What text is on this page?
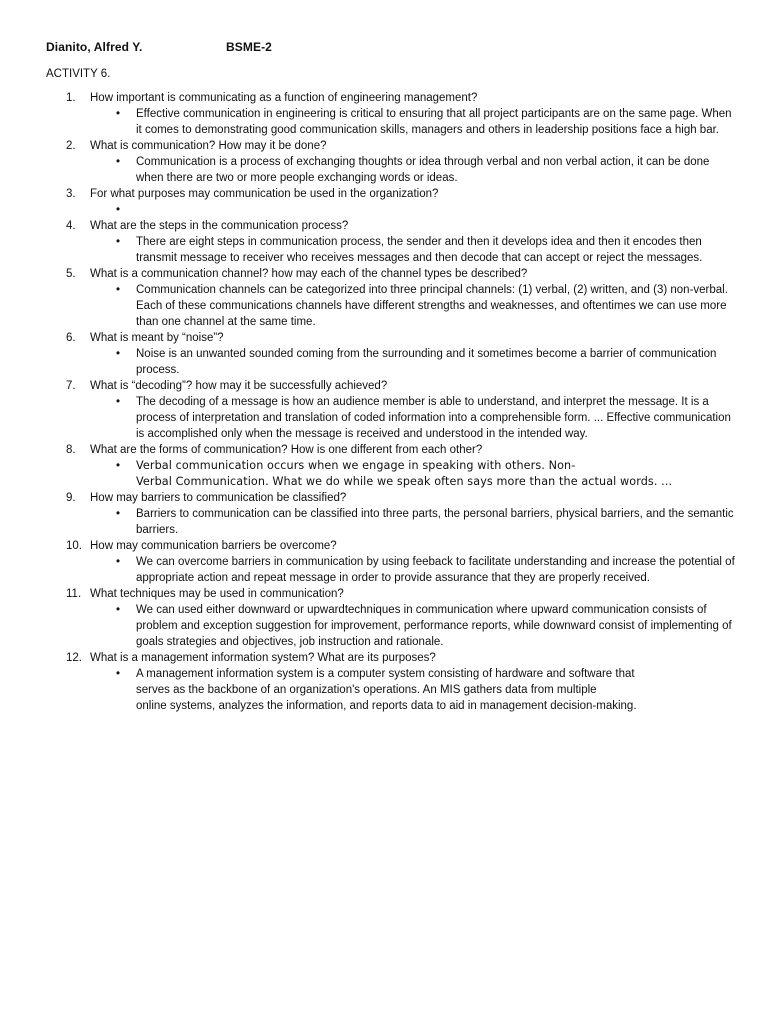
Dianito, Alfred Y.	BSME-2
ACTIVITY 6.
1.	How important is communicating as a function of engineering management?
•	Effective communication in engineering is critical to ensuring that all project participants are on the same page. When it comes to demonstrating good communication skills, managers and others in leadership positions face a high bar.
2.	What is communication? How may it be done?
•	Communication is a process of exchanging thoughts or idea through verbal and non verbal action, it can be done when there are two or more people exchanging words or ideas.
3.	For what purposes may communication be used in the organization?
•
4.	What are the steps in the communication process?
•	There are eight steps in communication process, the sender and then it develops idea and then it encodes then transmit message to receiver who receives messages and then decode that can accept or reject the messages.
5.	What is a communication channel? how may each of the channel types be described?
•	Communication channels can be categorized into three principal channels: (1) verbal, (2) written, and (3) non-verbal. Each of these communications channels have different strengths and weaknesses, and oftentimes we can use more than one channel at the same time.
6.	What is meant by “noise”?
•	Noise is an unwanted sounded coming from the surrounding and it sometimes become a barrier of communication process.
7.	What is “decoding”? how may it be successfully achieved?
•	The decoding of a message is how an audience member is able to understand, and interpret the message. It is a process of interpretation and translation of coded information into a comprehensible form. ... Effective communication is accomplished only when the message is received and understood in the intended way.
8.	What are the forms of communication? How is one different from each other?
•	Verbal communication occurs when we engage in speaking with others. Non-
Verbal Communication. What we do while we speak often says more than the actual words. ...
9.	How may barriers to communication be classified?
•	Barriers to communication can be classified into three parts, the personal barriers, physical barriers, and the semantic barriers.
10. How may communication barriers be overcome?
•	We can overcome barriers in communication by using feeback to facilitate understanding and increase the potential of appropriate action and repeat message in order to provide assurance that they are properly received.
11. What techniques may be used in communication?
•	We can used either downward or upwardtechniques in communication where upward communication consists of problem and exception suggestion for improvement, performance reports, while downward consist of implementing of goals strategies and objectives, job instruction and rationale.
12. What is a management information system? What are its purposes?
•	A management information system is a computer system consisting of hardware and software that
serves as the backbone of an organization's operations. An MIS gathers data from multiple
online systems, analyzes the information, and reports data to aid in management decision-making.
